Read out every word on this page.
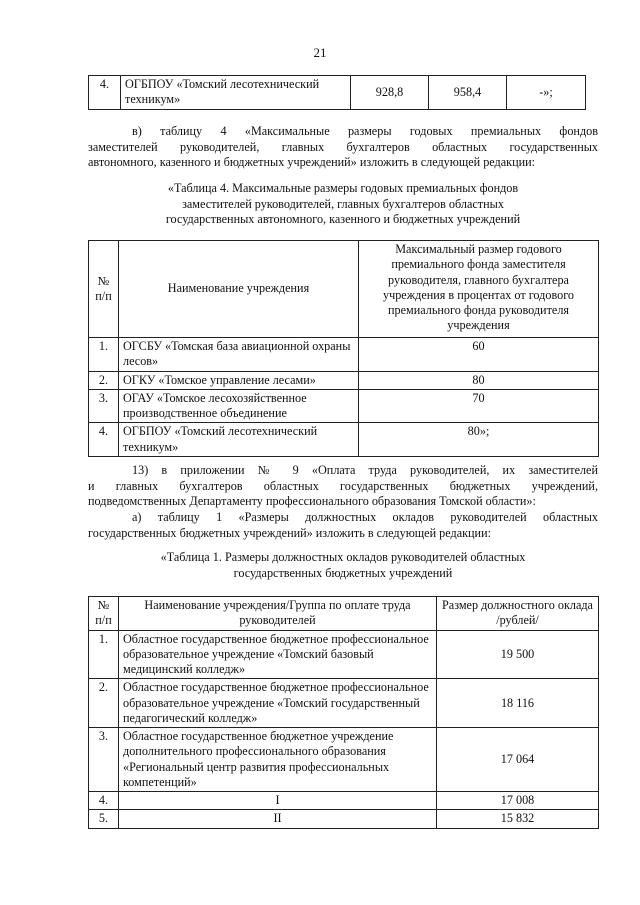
21
4.	ОГБПОУ «Томский лесотехнический техникум»	928,8	958,4	-»;
в) таблицу 4 «Максимальные размеры годовых премиальных фондов
заместителей руководителей, главных бухгалтеров областных государственных
автономного, казенного и бюджетных учреждений» изложить в следующей редакции:
«Таблица 4. Максимальные размеры годовых премиальных фондов
заместителей руководителей, главных бухгалтеров областных
государственных автономного, казенного и бюджетных учреждений
№ п/п	Наименование учреждения	Максимальный размер годового премиального фонда заместителя руководителя, главного бухгалтера учреждения в процентах от годового премиального фонда руководителя учреждения
1.	ОГСБУ «Томская база авиационной охраны лесов»	60
2.	ОГКУ «Томское управление лесами»	80
3.	ОГАУ «Томское лесохозяйственное производственное объединение	70
4.	ОГБПОУ «Томский лесотехнический техникум»	80»;
13) в приложении № 9 «Оплата труда руководителей, их заместителей
и главных бухгалтеров областных государственных бюджетных учреждений,
подведомственных Департаменту профессионального образования Томской области»:
а) таблицу 1 «Размеры должностных окладов руководителей областных
государственных бюджетных учреждений» изложить в следующей редакции:
«Таблица 1. Размеры должностных окладов руководителей областных
государственных бюджетных учреждений
№ п/п	Наименование учреждения/Группа по оплате труда руководителей	Размер должностного оклада /рублей/
1.	Областное государственное бюджетное профессиональное образовательное учреждение «Томский базовый медицинский колледж»	19 500
2.	Областное государственное бюджетное профессиональное образовательное учреждение «Томский государственный педагогический колледж»	18 116
3.	Областное государственное бюджетное учреждение дополнительного профессионального образования «Региональный центр развития профессиональных компетенций»	17 064
4.	I	17 008
5.	II	15 832
